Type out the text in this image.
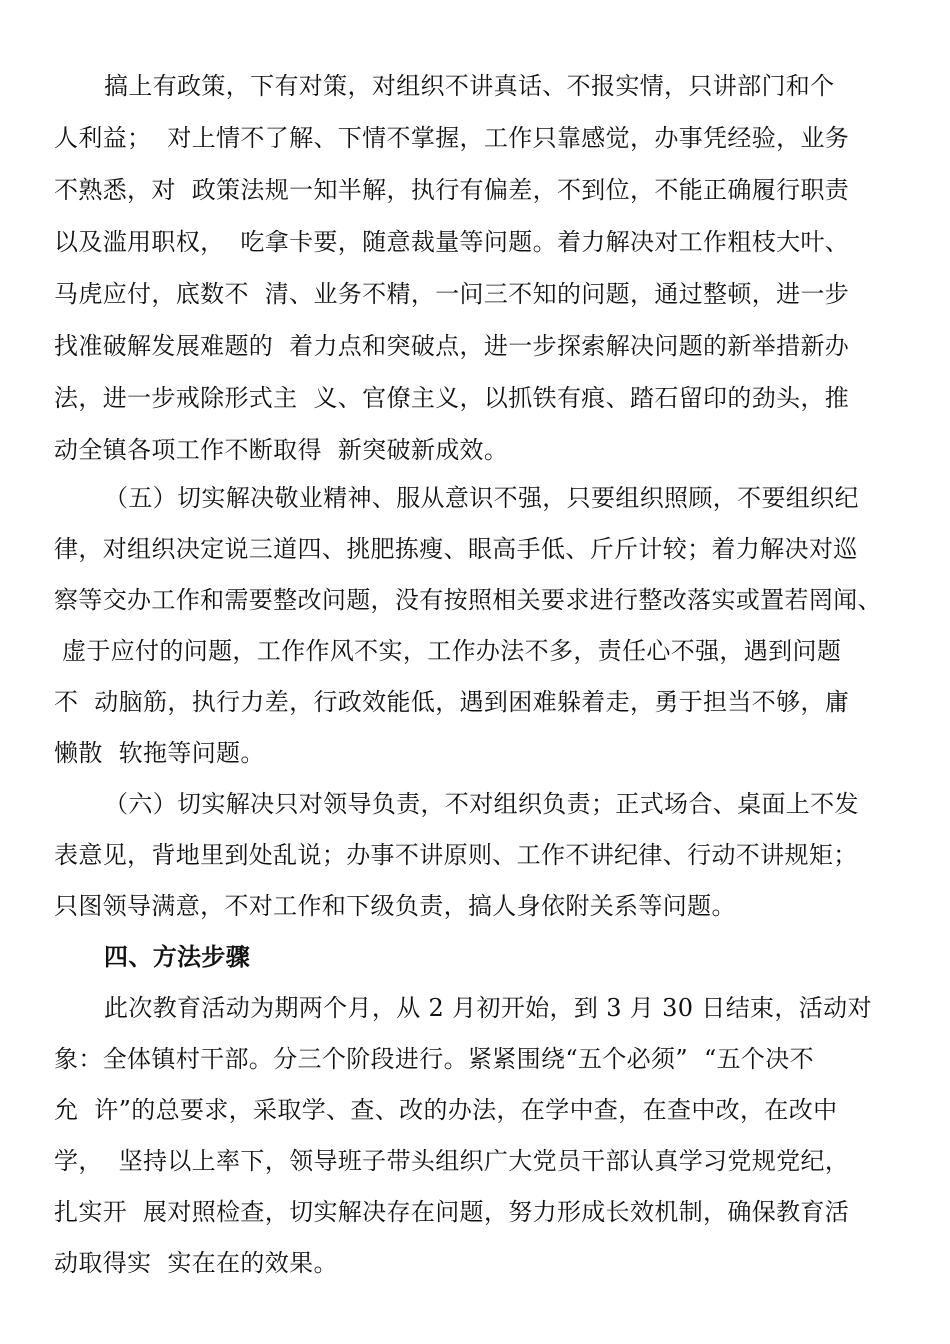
搞上有政策，下有对策，对组织不讲真话、不报实情，只讲部门和个
人利益；  对上情不了解、下情不掌握，工作只靠感觉，办事凭经验，业务
不熟悉，对  政策法规一知半解，执行有偏差，不到位，不能正确履行职责
以及滥用职权，  吃拿卡要，随意裁量等问题。着力解决对工作粗枝大叶、
马虎应付，底数不  清、业务不精，一问三不知的问题，通过整顿，进一步
找准破解发展难题的  着力点和突破点，进一步探索解决问题的新举措新办
法，进一步戒除形式主  义、官僚主义，以抓铁有痕、踏石留印的劲头，推
动全镇各项工作不断取得  新突破新成效。
（五）切实解决敬业精神、服从意识不强，只要组织照顾，不要组织纪
律，对组织决定说三道四、挑肥拣瘦、眼高手低、斤斤计较；着力解决对巡
察等交办工作和需要整改问题，没有按照相关要求进行整改落实或置若罔闻、
虚于应付的问题，工作作风不实，工作办法不多，责任心不强，遇到问题
不  动脑筋，执行力差，行政效能低，遇到困难躲着走，勇于担当不够，庸
懒散  软拖等问题。
（六）切实解决只对领导负责，不对组织负责；正式场合、桌面上不发
表意见，背地里到处乱说；办事不讲原则、工作不讲纪律、行动不讲规矩；
只图领导满意，不对工作和下级负责，搞人身依附关系等问题。
四、方法步骤
此次教育活动为期两个月，从 2 月初开始，到 3 月 30 日结束，活动对
象：全体镇村干部。分三个阶段进行。紧紧围绕“五个必须”  “五个决不
允  许”的总要求，采取学、查、改的办法，在学中查，在查中改，在改中
学，  坚持以上率下，领导班子带头组织广大党员干部认真学习党规党纪，
扎实开  展对照检查，切实解决存在问题，努力形成长效机制，确保教育活
动取得实  实在在的效果。
